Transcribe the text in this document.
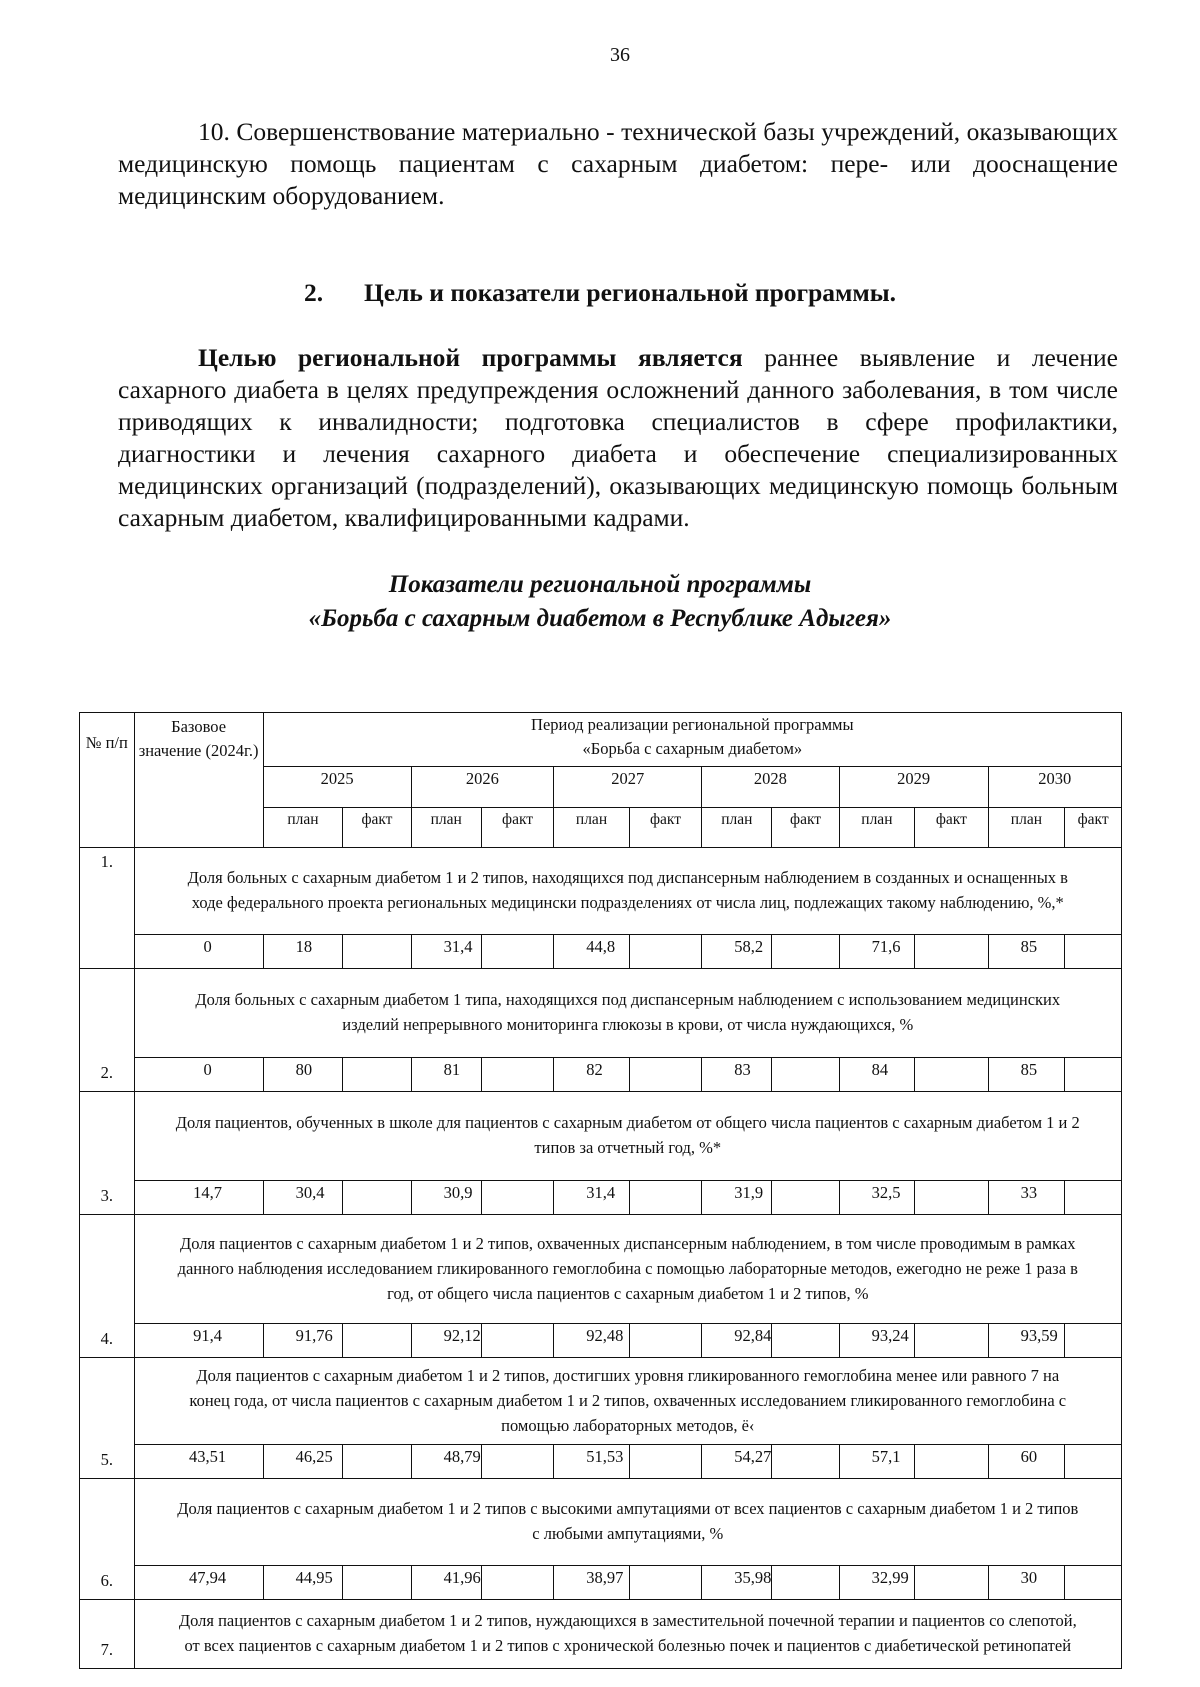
36

10. Совершенствование материально - технической базы учреждений, оказывающих медицинскую помощь пациентам с сахарным диабетом: пере- или дооснащение медицинским оборудованием.

2. Цель и показатели региональной программы.

Целью региональной программы является раннее выявление и лечение сахарного диабета в целях предупреждения осложнений данного заболевания, в том числе приводящих к инвалидности; подготовка специалистов в сфере профилактики, диагностики и лечения сахарного диабета и обеспечение специализированных медицинских организаций (подразделений), оказывающих медицинскую помощь больным сахарным диабетом, квалифицированными кадрами.

Показатели региональной программы
«Борьба с сахарным диабетом в Республике Адыгея»
№ п/п	Базовое значение (2024г.)	Период реализации региональной программы
«Борьба с сахарным диабетом»											

		2025		2026		2027		2028		2029		2030	
		план	факт	план	факт	план	факт	план	факт	план	факт	план	факт
1.	Доля больных с сахарным диабетом 1 и 2 типов, находящихся под диспансерным наблюдением в созданных и оснащенных в ходе федерального проекта региональных медицински подразделениях от числа лиц, подлежащих такому наблюдению, %,*												
	0	18		31,4		44,8		58,2		71,6		85	
2.	Доля больных с сахарным диабетом 1 типа, находящихся под диспансерным наблюдением с использованием медицинских изделий непрерывного мониторинга глюкозы в крови, от числа нуждающихся, %												
	0	80		81		82		83		84		85	
3.	Доля пациентов, обученных в школе для пациентов с сахарным диабетом от общего числа пациентов с сахарным диабетом 1 и 2 типов за отчетный год, %*												
	14,7	30,4		30,9		31,4		31,9		32,5		33	
4.	Доля пациентов с сахарным диабетом 1 и 2 типов, охваченных диспансерным наблюдением, в том числе проводимым в рамках данного наблюдения исследованием гликированного гемоглобина с помощью лабораторные методов, ежегодно не реже 1 раза в год, от общего числа пациентов с сахарным диабетом 1 и 2 типов, %												
	91,4	91,76		92,12		92,48		92,84		93,24		93,59	
5.	Доля пациентов с сахарным диабетом 1 и 2 типов, достигших уровня гликированного гемоглобина менее или равного 7 на конец года, от числа пациентов с сахарным диабетом 1 и 2 типов, охваченных исследованием гликированного гемоглобина с помощью лабораторных методов, ё‹												
	43,51	46,25		48,79		51,53		54,27		57,1		60	
6.	Доля пациентов с сахарным диабетом 1 и 2 типов с высокими ампутациями от всех пациентов с сахарным диабетом 1 и 2 типов с любыми ампутациями, %												
	47,94	44,95		41,96		38,97		35,98		32,99		30	
7.	Доля пациентов с сахарным диабетом 1 и 2 типов, нуждающихся в заместительной почечной терапии и пациентов со слепотой, от всех пациентов с сахарным диабетом 1 и 2 типов с хронической болезнью почек и пациентов с диабетической ретинопатей												
